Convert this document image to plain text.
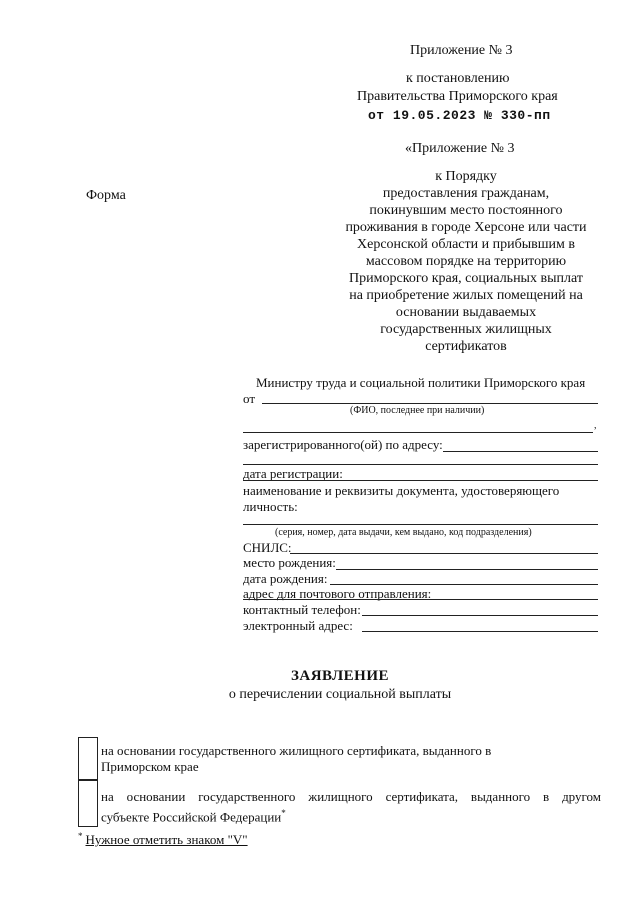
Приложение № 3
к постановлению
Правительства Приморского края
от 19.05.2023 № 330-пп
«Приложение № 3
к Порядку
предоставления гражданам,
покинувшим место постоянного
проживания в городе Херсоне или части
Херсонской области и прибывшим в
массовом порядке на территорию
Приморского края, социальных выплат
на приобретение жилых помещений на
основании выдаваемых
государственных жилищных
сертификатов
Форма
Министру труда и социальной политики Приморского края
от
(ФИО, последнее при наличии)
,
зарегистрированного(ой) по адресу:
дата регистрации:
наименование и реквизиты документа, удостоверяющего
личность:
(серия, номер, дата выдачи, кем выдано, код подразделения)
СНИЛС:
место рождения:
дата рождения:
адрес для почтового отправления:
контактный телефон:
электронный адрес:
ЗАЯВЛЕНИЕ
о перечислении социальной выплаты
на основании государственного жилищного сертификата, выданного в
Приморском крае
на основании государственного жилищного сертификата, выданного в другом
субъекте Российской Федерации*
* Нужное отметить знаком "V"
